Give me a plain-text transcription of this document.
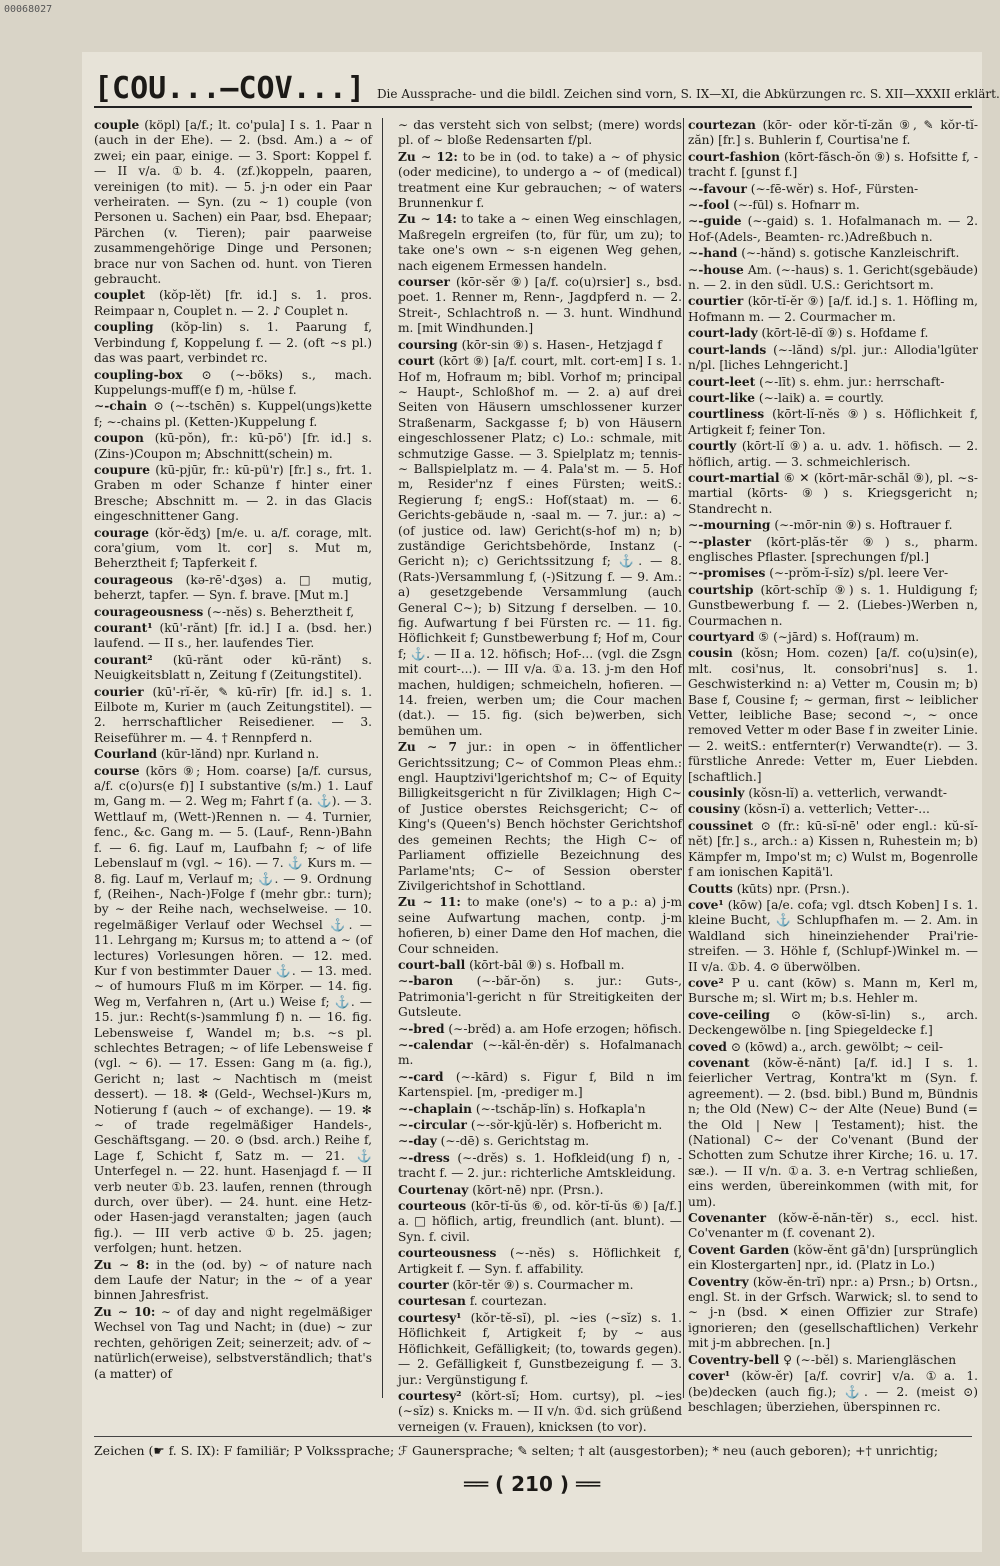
00068027
[COU...—COV...] Die Aussprache- und die bildl. Zeichen sind vorn, S. IX—XI, die Abkürzungen rc. S. XII—XXXII erklärt.

couple (köpl) [a/f.; lt. co'pula] I s. 1. Paar n (auch in der Ehe). — 2. (bsd. Am.) a ∼ of zwei; ein paar, einige. — 3. Sport: Koppel f. — II v/a. ①b. 4. (zf.)koppeln, paaren, vereinigen (to mit). — 5. j-n oder ein Paar verheiraten. — Syn. (zu ∼ 1) couple (von Personen u. Sachen) ein Paar, bsd. Ehepaar; Pärchen (v. Tieren); pair paarweise zusammengehörige Dinge und Personen; brace nur von Sachen od. hunt. von Tieren gebraucht.

couplet (kŏp-lĕt) [fr. id.] s. 1. pros. Reimpaar n, Couplet n. — 2. ♪ Couplet n.

coupling (kŏp-lin) s. 1. Paarung f, Verbindung f, Koppelung f. — 2. (oft ∼s pl.) das was paart, verbindet rc.

coupling-box ⊙ (∼-böks) s., mach. Kuppelungs-muff(e f) m, -hülse f.

∼-chain ⊙ (∼-tschēn) s. Kuppel(ungs)kette f; ∼-chains pl. (Ketten-)Kuppelung f.

coupon (kū-pŏn), fr.: kū-pō') [fr. id.] s. (Zins-)Coupon m; Abschnitt(schein) m.

coupure (kū-pjūr, fr.: kū-pü'r) [fr.] s., frt. 1. Graben m oder Schanze f hinter einer Bresche; Abschnitt m. — 2. in das Glacis eingeschnittener Gang.

courage (kŏr-ĕdʒ) [m/e. u. a/f. corage, mlt. cora'gium, vom lt. cor] s. Mut m, Beherztheit f; Tapferkeit f.

courageous (kə-rē'-dʒəs) a. □ mutig, beherzt, tapfer. — Syn. f. brave. [Mut m.]

courageousness (∼-nĕs) s. Beherztheit f,

courant¹ (kū'-rănt) [fr. id.] I a. (bsd. her.) laufend. — II s., her. laufendes Tier.

courant² (kū-rănt oder kū-rănt) s. Neuigkeitsblatt n, Zeitung f (Zeitungstitel).

courier (kū'-rĭ-ĕr, ✎ kū-rīr) [fr. id.] s. 1. Eilbote m, Kurier m (auch Zeitungstitel). — 2. herrschaftlicher Reisediener. — 3. Reiseführer m. — 4. † Rennpferd n.

Courland (kūr-lănd) npr. Kurland n.

course (kōrs ⑨; Hom. coarse) [a/f. cursus, a/f. c(o)urs(e f)] I substantive (s/m.) 1. Lauf m, Gang m. — 2. Weg m; Fahrt f (a. ⚓). — 3. Wettlauf m, (Wett-)Rennen n. — 4. Turnier, fenc., &c. Gang m. — 5. (Lauf-, Renn-)Bahn f. — 6. fig. Lauf m, Laufbahn f; ∼ of life Lebenslauf m (vgl. ∼ 16). — 7. ⚓ Kurs m. — 8. fig. Lauf m, Verlauf m; ⚓. — 9. Ordnung f, (Reihen-, Nach-)Folge f (mehr gbr.: turn); by ∼ der Reihe nach, wechselweise. — 10. regelmäßiger Verlauf oder Wechsel ⚓. — 11. Lehrgang m; Kursus m; to attend a ∼ (of lectures) Vorlesungen hören. — 12. med. Kur f von bestimmter Dauer ⚓. — 13. med. ∼ of humours Fluß m im Körper. — 14. fig. Weg m, Verfahren n, (Art u.) Weise f; ⚓. — 15. jur.: Recht(s-)sammlung f) n. — 16. fig. Lebensweise f, Wandel m; b.s. ∼s pl. schlechtes Betragen; ∼ of life Lebensweise f (vgl. ∼ 6). — 17. Essen: Gang m (a. fig.), Gericht n; last ∼ Nachtisch m (meist dessert). — 18. ✻ (Geld-, Wechsel-)Kurs m, Notierung f (auch ∼ of exchange). — 19. ✻ ∼ of trade regelmäßiger Handels-, Geschäftsgang. — 20. ⊙ (bsd. arch.) Reihe f, Lage f, Schicht f, Satz m. — 21. ⚓ Unterfegel n. — 22. hunt. Hasenjagd f. — II verb neuter ①b. 23. laufen, rennen (through durch, over über). — 24. hunt. eine Hetz- oder Hasen-jagd veranstalten; jagen (auch fig.). — III verb active ①b. 25. jagen; verfolgen; hunt. hetzen.

Zu ∼ 8: in the (od. by) ∼ of nature nach dem Laufe der Natur; in the ∼ of a year binnen Jahresfrist.

Zu ∼ 10: ∼ of day and night regelmäßiger Wechsel von Tag und Nacht; in (due) ∼ zur rechten, gehörigen Zeit; seinerzeit; adv. of ∼ natürlich(erweise), selbstverständlich; that's (a matter) of

∼ das versteht sich von selbst; (mere) words pl. of ∼ bloße Redensarten f/pl.

Zu ∼ 12: to be in (od. to take) a ∼ of physic (oder medicine), to undergo a ∼ of (medical) treatment eine Kur gebrauchen; ∼ of waters Brunnenkur f.

Zu ∼ 14: to take a ∼ einen Weg einschlagen, Maßregeln ergreifen (to, für für, um zu); to take one's own ∼ s-n eigenen Weg gehen, nach eigenem Ermessen handeln.

courser (kōr-sĕr ⑨) [a/f. co(u)rsier] s., bsd. poet. 1. Renner m, Renn-, Jagdpferd n. — 2. Streit-, Schlachtroß n. — 3. hunt. Windhund m. [mit Windhunden.]

coursing (kōr-sin ⑨) s. Hasen-, Hetzjagd f

court (kōrt ⑨) [a/f. court, mlt. cort-em] I s. 1. Hof m, Hofraum m; bibl. Vorhof m; principal ∼ Haupt-, Schloßhof m. — 2. a) auf drei Seiten von Häusern umschlossener kurzer Straßenarm, Sackgasse f; b) von Häusern eingeschlossener Platz; c) Lo.: schmale, mit schmutzige Gasse. — 3. Spielplatz m; tennis-∼ Ballspielplatz m. — 4. Pala'st m. — 5. Hof m, Resider'nz f eines Fürsten; weitS.: Regierung f; engS.: Hof(staat) m. — 6. Gerichts-gebäude n, -saal m. — 7. jur.: a) ∼ (of justice od. law) Gericht(s-hof m) n; b) zuständige Gerichtsbehörde, Instanz (-Gericht n); c) Gerichtssitzung f; ⚓. — 8. (Rats-)Versammlung f, (-)Sitzung f. — 9. Am.: a) gesetzgebende Versammlung (auch General C∼); b) Sitzung f derselben. — 10. fig. Aufwartung f bei Fürsten rc. — 11. fig. Höflichkeit f; Gunstbewerbung f; Hof m, Cour f; ⚓. — II a. 12. höfisch; Hof-... (vgl. die Zsgn mit court-...). — III v/a. ①a. 13. j-m den Hof machen, huldigen; schmeicheln, hofieren. — 14. freien, werben um; die Cour machen (dat.). — 15. fig. (sich be)werben, sich bemühen um.

Zu ∼ 7 jur.: in open ∼ in öffentlicher Gerichtssitzung; C∼ of Common Pleas ehm.: engl. Hauptzivi'lgerichtshof m; C∼ of Equity Billigkeitsgericht n für Zivilklagen; High C∼ of Justice oberstes Reichsgericht; C∼ of King's (Queen's) Bench höchster Gerichtshof des gemeinen Rechts; the High C∼ of Parliament offizielle Bezeichnung des Parlame'nts; C∼ of Session oberster Zivilgerichtshof in Schottland.

Zu ∼ 11: to make (one's) ∼ to a p.: a) j-m seine Aufwartung machen, contp. j-m hofieren, b) einer Dame den Hof machen, die Cour schneiden.

court-ball (kōrt-bāl ⑨) s. Hofball m.

∼-baron (∼-băr-ŏn) s. jur.: Guts-, Patrimonia'l-gericht n für Streitigkeiten der Gutsleute.

∼-bred (∼-brĕd) a. am Hofe erzogen; höfisch.

∼-calendar (∼-kăl-ĕn-dĕr) s. Hofalmanach m.

∼-card (∼-kārd) s. Figur f, Bild n im Kartenspiel. [m, -prediger m.]

∼-chaplain (∼-tschăp-lĭn) s. Hofkapla'n

∼-circular (∼-sŏr-kjŭ-lĕr) s. Hofbericht m.

∼-day (∼-dē) s. Gerichtstag m.

∼-dress (∼-drĕs) s. 1. Hofkleid(ung f) n, -tracht f. — 2. jur.: richterliche Amtskleidung.

Courtenay (kōrt-nē) npr. (Prsn.).

courteous (kōr-tĭ-ŭs ⑥, od. kŏr-tĭ-ŭs ⑥) [a/f.] a. □ höflich, artig, freundlich (ant. blunt). — Syn. f. civil.

courteousness (∼-nĕs) s. Höflichkeit f, Artigkeit f. — Syn. f. affability.

courter (kōr-tĕr ⑨) s. Courmacher m.

courtesan f. courtezan.

courtesy¹ (kŏr-tĕ-sĭ), pl. ∼ies (∼sĭz) s. 1. Höflichkeit f, Artigkeit f; by ∼ aus Höflichkeit, Gefälligkeit; (to, towards gegen). — 2. Gefälligkeit f, Gunstbezeigung f. — 3. jur.: Vergünstigung f.

courtesy² (kŏrt-sĭ; Hom. curtsy), pl. ∼ies (∼sĭz) s. Knicks m. — II v/n. ①d. sich grüßend verneigen (v. Frauen), knicksen (to vor).

courtezan (kōr- oder kŏr-tĭ-zăn ⑨, ✎ kŏr-tĭ-zăn) [fr.] s. Buhlerin f, Courtisa'ne f.

court-fashion (kōrt-făsch-ŏn ⑨) s. Hofsitte f, -tracht f. [gunst f.]

∼-favour (∼-fē-wĕr) s. Hof-, Fürsten-

∼-fool (∼-fūl) s. Hofnarr m.

∼-guide (∼-gaid) s. 1. Hofalmanach m. — 2. Hof-(Adels-, Beamten- rc.)Adreßbuch n.

∼-hand (∼-hănd) s. gotische Kanzleischrift.

∼-house Am. (∼-haus) s. 1. Gericht(sgebäude) n. — 2. in den südl. U.S.: Gerichtsort m.

courtier (kōr-tĭ-ĕr ⑨) [a/f. id.] s. 1. Höfling m, Hofmann m. — 2. Courmacher m.

court-lady (kōrt-lē-dĭ ⑨) s. Hofdame f.

court-lands (∼-lănd) s/pl. jur.: Allodia'lgüter n/pl. [liches Lehngericht.]

court-leet (∼-līt) s. ehm. jur.: herrschaft-

court-like (∼-laik) a. = courtly.

courtliness (kōrt-lĭ-nĕs ⑨) s. Höflichkeit f, Artigkeit f; feiner Ton.

courtly (kōrt-lĭ ⑨) a. u. adv. 1. höfisch. — 2. höflich, artig. — 3. schmeichlerisch.

court-martial ⑥ ✕ (kōrt-mār-schăl ⑨), pl. ∼s-martial (kōrts- ⑨) s. Kriegsgericht n; Standrecht n.

∼-mourning (∼-mōr-nin ⑨) s. Hoftrauer f.

∼-plaster (kōrt-plăs-tĕr ⑨) s., pharm. englisches Pflaster. [sprechungen f/pl.]

∼-promises (∼-prŏm-ĭ-sĭz) s/pl. leere Ver-

courtship (kōrt-schĭp ⑨) s. 1. Huldigung f; Gunstbewerbung f. — 2. (Liebes-)Werben n, Courmachen n.

courtyard ⑤ (∼jārd) s. Hof(raum) m.

cousin (kŏsn; Hom. cozen) [a/f. co(u)sin(e), mlt. cosi'nus, lt. consobri'nus] s. 1. Geschwisterkind n: a) Vetter m, Cousin m; b) Base f, Cousine f; ∼ german, first ∼ leiblicher Vetter, leibliche Base; second ∼, ∼ once removed Vetter m oder Base f in zweiter Linie. — 2. weitS.: entfernter(r) Verwandte(r). — 3. fürstliche Anrede: Vetter m, Euer Liebden. [schaftlich.]

cousinly (kŏsn-lĭ) a. vetterlich, verwandt-

cousiny (kŏsn-ĭ) a. vetterlich; Vetter-...

coussinet ⊙ (fr.: kū-sĭ-nē' oder engl.: kŭ-sĭ-nĕt) [fr.] s., arch.: a) Kissen n, Ruhestein m; b) Kämpfer m, Impo'st m; c) Wulst m, Bogenrolle f am ionischen Kapitä'l.

Coutts (kūts) npr. (Prsn.).

cove¹ (kōw) [a/e. cofa; vgl. dtsch Koben] I s. 1. kleine Bucht, ⚓ Schlupfhafen m. — 2. Am. in Waldland sich hineinziehender Prai'rie-streifen. — 3. Höhle f, (Schlupf-)Winkel m. — II v/a. ①b. 4. ⊙ überwölben.

cove² P u. cant (kōw) s. Mann m, Kerl m, Bursche m; sl. Wirt m; b.s. Hehler m.

cove-ceiling ⊙ (kōw-sī-lin) s., arch. Deckengewölbe n. [ing Spiegeldecke f.]

coved ⊙ (kōwd) a., arch. gewölbt; ∼ ceil-

covenant (kŏw-ĕ-nănt) [a/f. id.] I s. 1. feierlicher Vertrag, Kontra'kt m (Syn. f. agreement). — 2. (bsd. bibl.) Bund m, Bündnis n; the Old (New) C∼ der Alte (Neue) Bund (= the Old | New | Testament); hist. the (National) C∼ der Co'venant (Bund der Schotten zum Schutze ihrer Kirche; 16. u. 17. sæ.). — II v/n. ①a. 3. e-n Vertrag schließen, eins werden, übereinkommen (with mit, for um).

Covenanter (kŏw-ĕ-năn-tĕr) s., eccl. hist. Co'venanter m (f. covenant 2).

Covent Garden (kŏw-ĕnt gā'dn) [ursprünglich ein Klostergarten] npr., id. (Platz in Lo.)

Coventry (kŏw-ĕn-trĭ) npr.: a) Prsn.; b) Ortsn., engl. St. in der Grfsch. Warwick; sl. to send to ∼ j-n (bsd. ✕ einen Offizier zur Strafe) ignorieren; den (gesellschaftlichen) Verkehr mit j-m abbrechen. [n.]

Coventry-bell ♀ (∼-bĕl) s. Mariengläschen

cover¹ (kŏw-ĕr) [a/f. covrir] v/a. ①a. 1. (be)decken (auch fig.); ⚓. — 2. (meist ⊙) beschlagen; überziehen, überspinnen rc.

Zeichen (☛ f. S. IX): F familiär; P Volkssprache; ℱ Gaunersprache; ✎ selten; † alt (ausgestorben); * neu (auch geboren); +† unrichtig;
══ ( 210 ) ══
